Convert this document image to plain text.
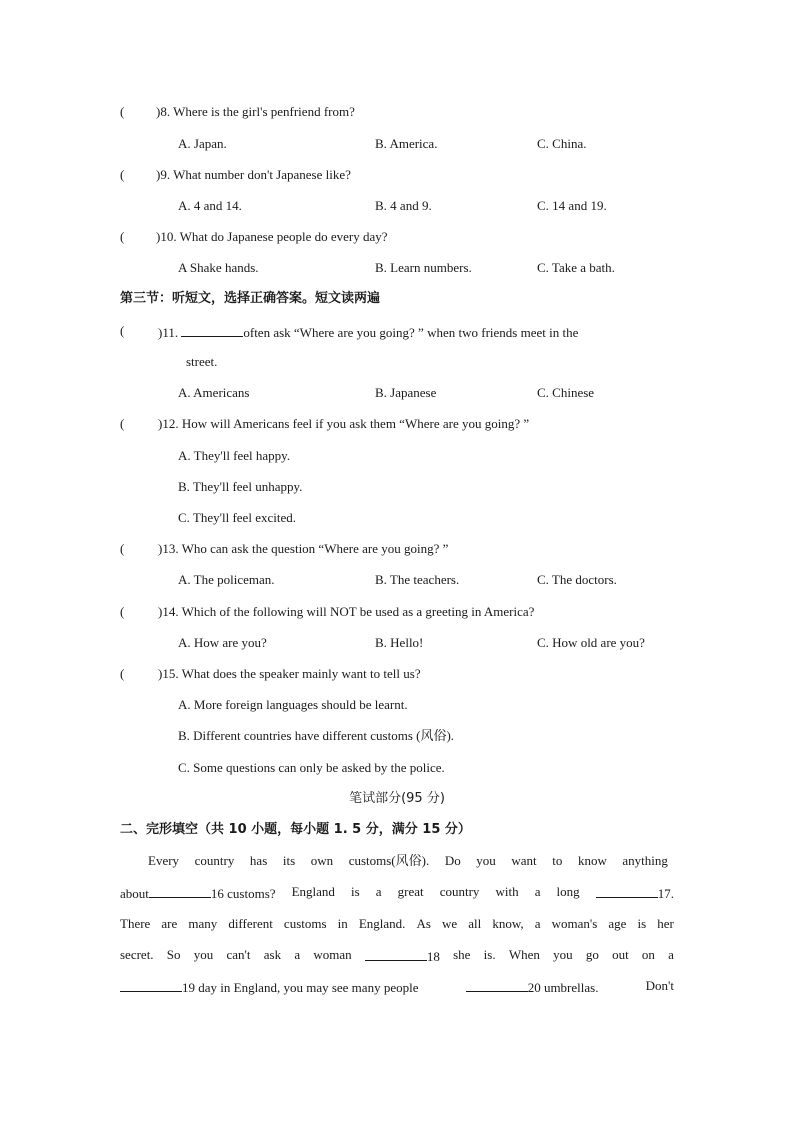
( )8. Where is the girl's penfriend from?
A. Japan.	B. America.	C. China.
( )9. What number don't Japanese like?
A. 4 and 14.	B. 4 and 9.	C. 14 and 19.
( )10. What do Japanese people do every day?
A Shake hands.	B. Learn numbers.	C. Take a bath.
第三节：听短文，选择正确答案。短文读两遍
(	)11.	often ask “Where are you going? ” when two friends meet in the
street.
A. Americans	B. Japanese	C. Chinese
(	)12. How will Americans feel if you ask them “Where are you going? ”
A. They'll feel happy.
B. They'll feel unhappy.
C. They'll feel excited.
(	)13. Who can ask the question “Where are you going? ”
A. The policeman.	B. The teachers.	C. The doctors.
(	)14. Which of the following will NOT be used as a greeting in America?
A. How are you?	B. Hello!	C. How old are you?
(	)15. What does the speaker mainly want to tell us?
A. More foreign languages should be learnt.
B. Different countries have different customs (风俗).
C. Some questions can only be asked by the police.
笔试部分(95 分)
二、完形填空（共 10 小题，每小题 1. 5 分，满分 15 分）
Every country has its own customs(风俗). Do you want to know anything
about	16 customs? England is a great country with a long	17.
There are many different customs in England. As we all know, a woman's age is her
secret. So you can't ask a woman	18 she is. When you go out on a
19 day in England, you may see many people	20 umbrellas.	Don't
